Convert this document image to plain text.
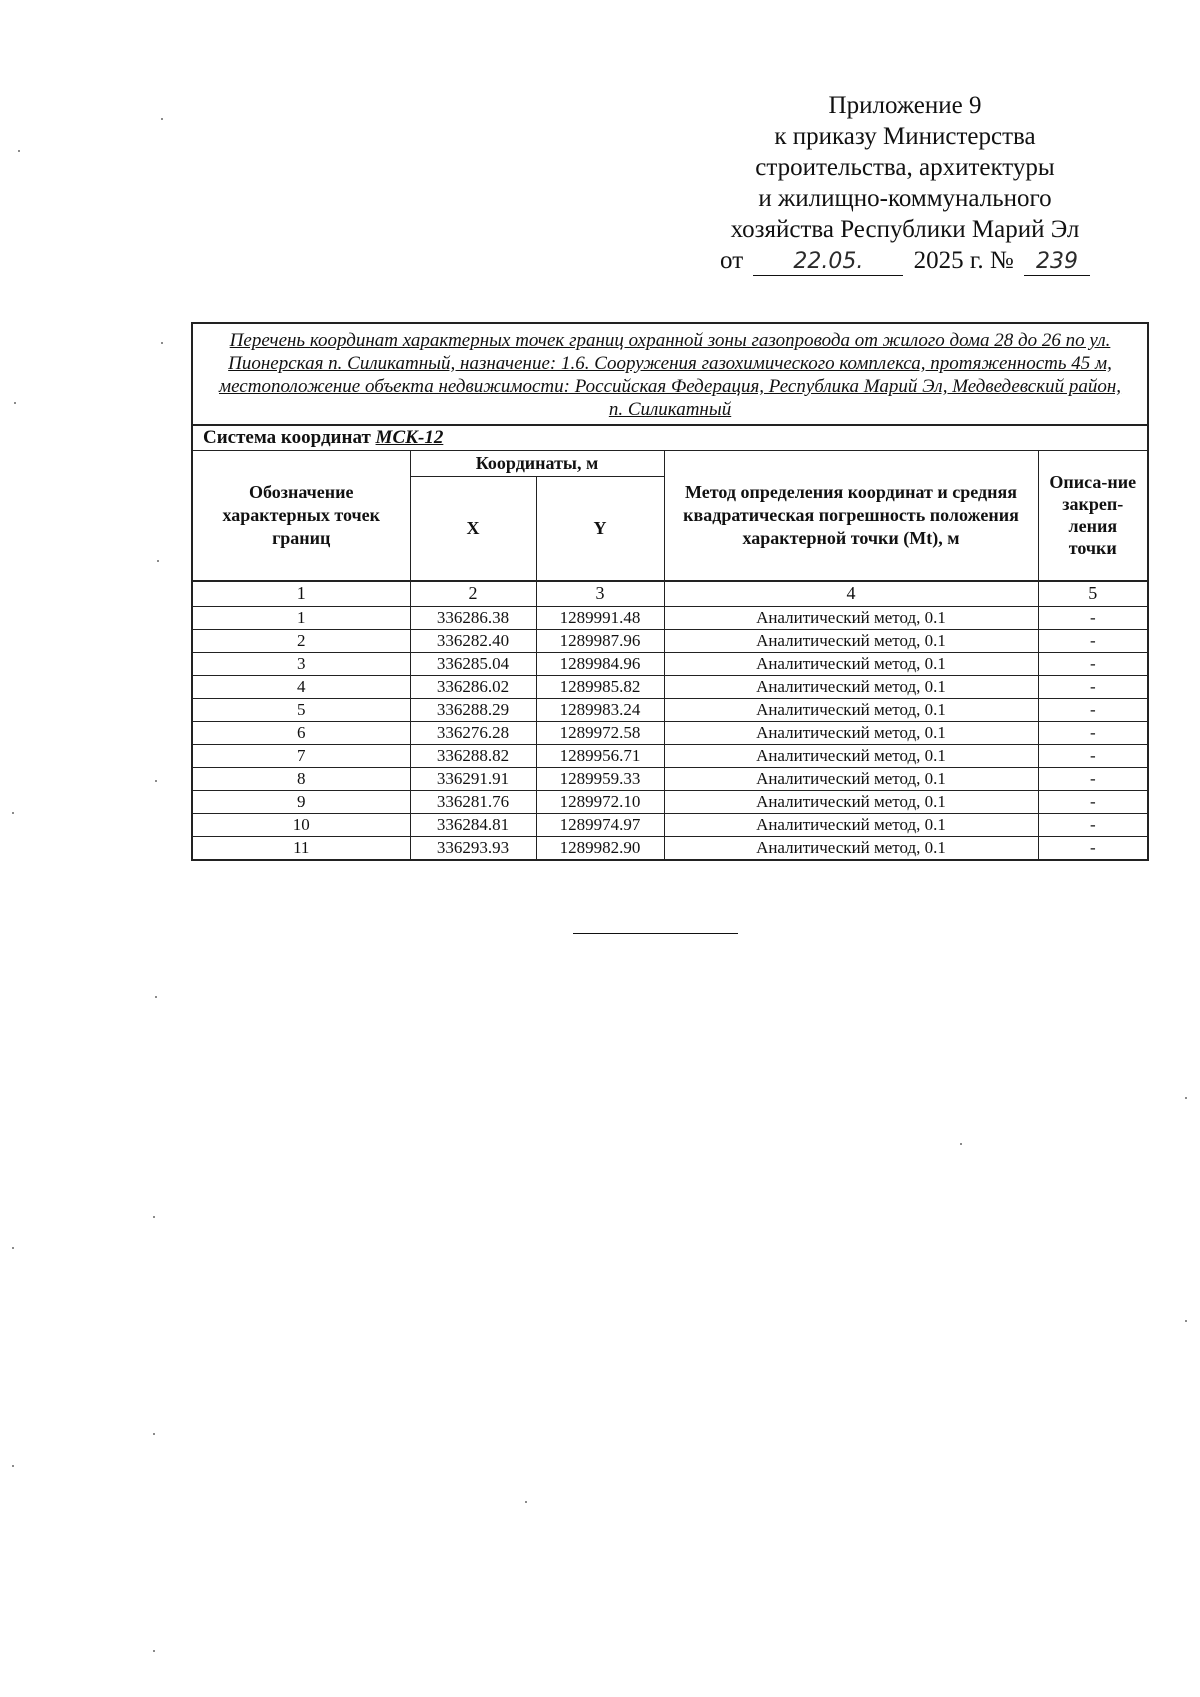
Приложение 9
к приказу Министерства
строительства, архитектуры
и жилищно-коммунального
хозяйства Республики Марий Эл
от 22.05. 2025 г. № 239
Перечень координат характерных точек границ охранной зоны газопровода от жилого дома 28 до 26 по ул. Пионерская п. Силикатный, назначение: 1.6. Сооружения газохимического комплекса, протяженность 45 м, местоположение объекта недвижимости: Российская Федерация, Республика Марий Эл, Медведевский район, п. Силикатный				
Система координат МСК-12				
Обозначение характерных точек границ	Координаты, м		Метод определения координат и средняя квадратическая погрешность положения характерной точки (Mt), м	Описа-ние закреп-ления точки
	X	Y		
1	2	3	4	5
1	336286.38	1289991.48	Аналитический метод, 0.1	-
2	336282.40	1289987.96	Аналитический метод, 0.1	-
3	336285.04	1289984.96	Аналитический метод, 0.1	-
4	336286.02	1289985.82	Аналитический метод, 0.1	-
5	336288.29	1289983.24	Аналитический метод, 0.1	-
6	336276.28	1289972.58	Аналитический метод, 0.1	-
7	336288.82	1289956.71	Аналитический метод, 0.1	-
8	336291.91	1289959.33	Аналитический метод, 0.1	-
9	336281.76	1289972.10	Аналитический метод, 0.1	-
10	336284.81	1289974.97	Аналитический метод, 0.1	-
11	336293.93	1289982.90	Аналитический метод, 0.1	-
